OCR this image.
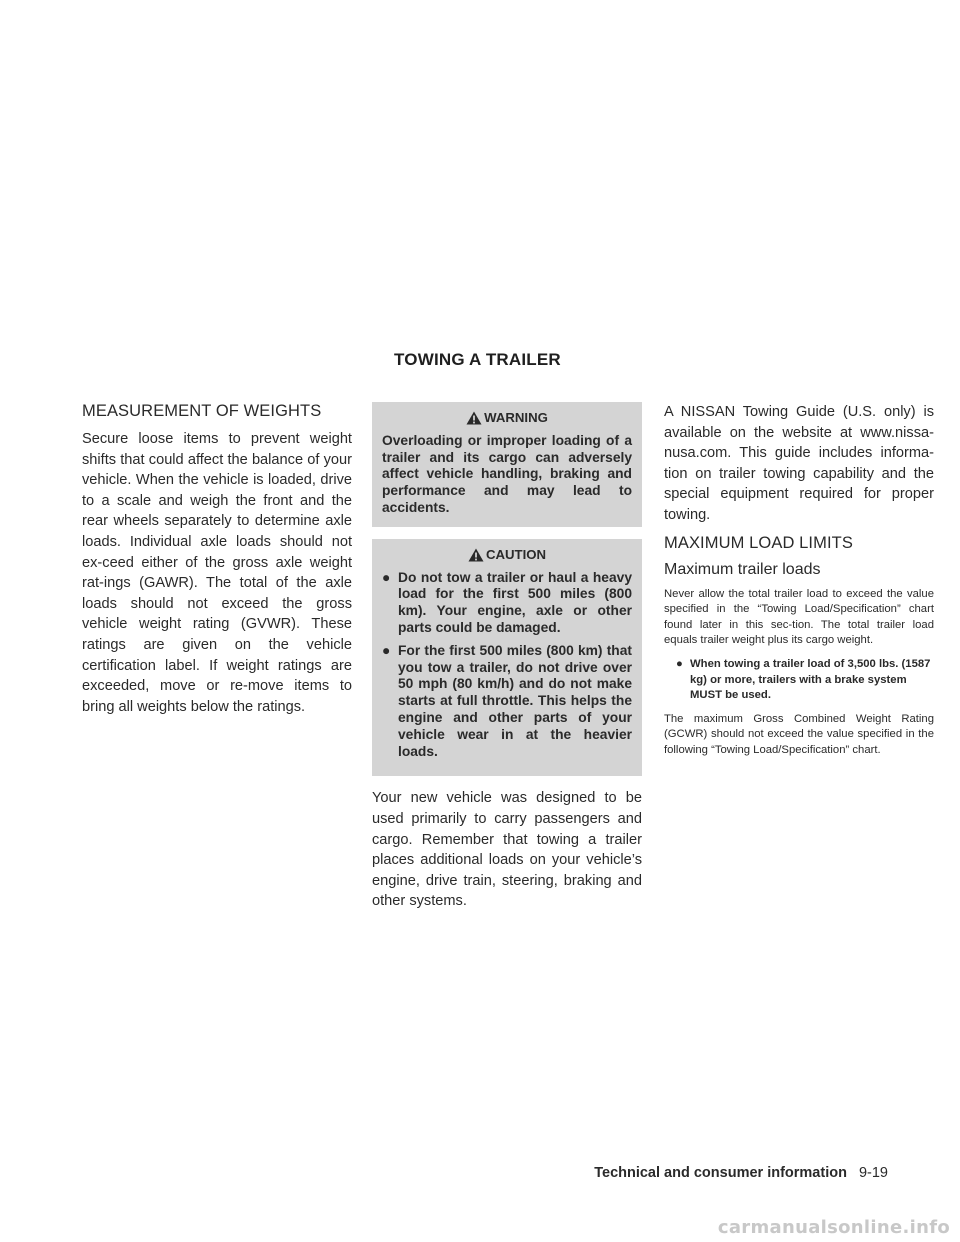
TOWING A TRAILER
MEASUREMENT OF WEIGHTS

Secure loose items to prevent weight shifts that could affect the balance of your vehicle. When the vehicle is loaded, drive to a scale and weigh the front and the rear wheels separately to determine axle loads. Individual axle loads should not ex-ceed either of the gross axle weight rat-ings (GAWR). The total of the axle loads should not exceed the gross vehicle weight rating (GVWR). These ratings are given on the vehicle certification label. If weight ratings are exceeded, move or re-move items to bring all weights below the ratings.

WARNING

Overloading or improper loading of a trailer and its cargo can adversely affect vehicle handling, braking and performance and may lead to accidents.

CAUTION
● Do not tow a trailer or haul a heavy load for the first 500 miles (800 km). Your engine, axle or other parts could be damaged.
● For the first 500 miles (800 km) that you tow a trailer, do not drive over 50 mph (80 km/h) and do not make starts at full throttle. This helps the engine and other parts of your vehicle wear in at the heavier loads.

Your new vehicle was designed to be used primarily to carry passengers and cargo. Remember that towing a trailer places additional loads on your vehicle’s engine, drive train, steering, braking and other systems.

A NISSAN Towing Guide (U.S. only) is available on the website at www.nissa-nusa.com. This guide includes informa-tion on trailer towing capability and the special equipment required for proper towing.

MAXIMUM LOAD LIMITS
Maximum trailer loads

Never allow the total trailer load to exceed the value specified in the “Towing Load/Specification” chart found later in this sec-tion. The total trailer load equals trailer weight plus its cargo weight.

● When towing a trailer load of 3,500 lbs. (1587 kg) or more, trailers with a brake system MUST be used.

The maximum Gross Combined Weight Rating (GCWR) should not exceed the value specified in the following “Towing Load/Specification” chart.

Technical and consumer information 9-19
carmanualsonline.info
